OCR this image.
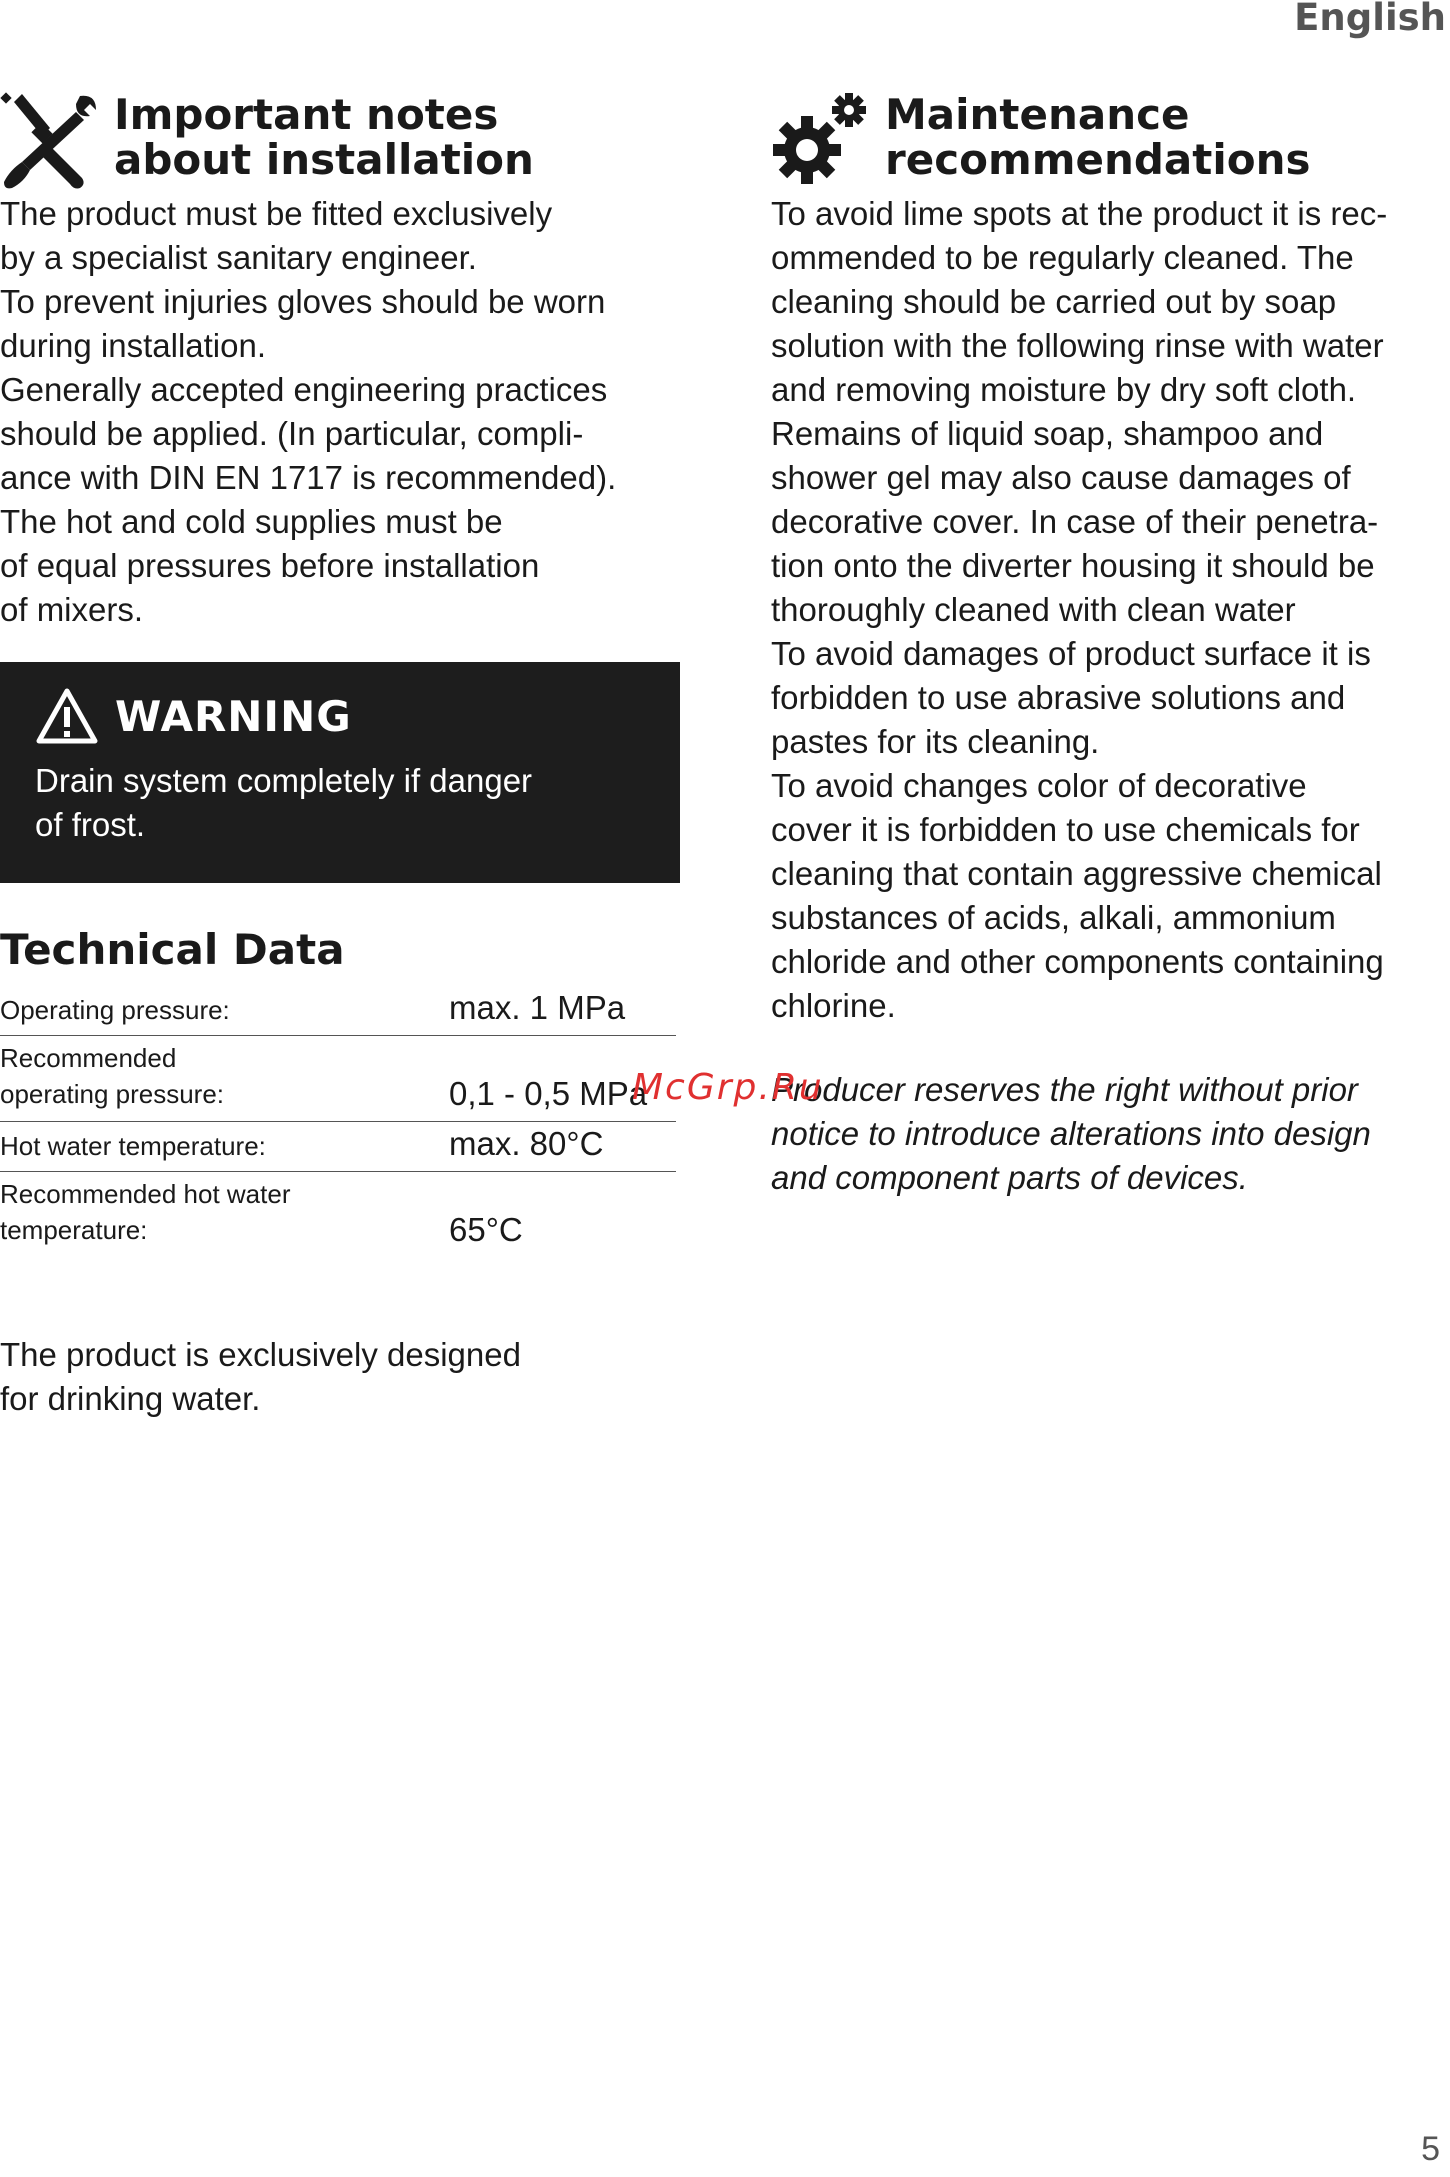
English
Important notes
about installation
The product must be fitted exclusively
by a specialist sanitary engineer.
To prevent injuries gloves should be worn
during installation.
Generally accepted engineering practices
should be applied. (In particular, compli-
ance with DIN EN 1717 is recommended).
The hot and cold supplies must be
of equal pressures before installation
of mixers.
WARNING
Drain system completely if danger
of frost.
Technical Data
Operating pressure:	max. 1 MPa
Recommended
operating pressure:	0,1 - 0,5 MPa
Hot water temperature:	max. 80°C
Recommended hot water
temperature:	65°C
The product is exclusively designed
for drinking water.
Maintenance
recommendations
To avoid lime spots at the product it is rec-
ommended to be regularly cleaned. The
cleaning should be carried out by soap
solution with the following rinse with water
and removing moisture by dry soft cloth.
Remains of liquid soap, shampoo and
shower gel may also cause damages of
decorative cover. In case of their penetra-
tion onto the diverter housing it should be
thoroughly cleaned with clean water
To avoid damages of product surface it is
forbidden to use abrasive solutions and
pastes for its cleaning.
To avoid changes color of decorative
cover it is forbidden to use chemicals for
cleaning that contain aggressive chemical
substances of acids, alkali, ammonium
chloride and other components containing
chlorine.
Producer reserves the right without prior
notice to introduce alterations into design
and component parts of devices.
McGrp.Ru
5
